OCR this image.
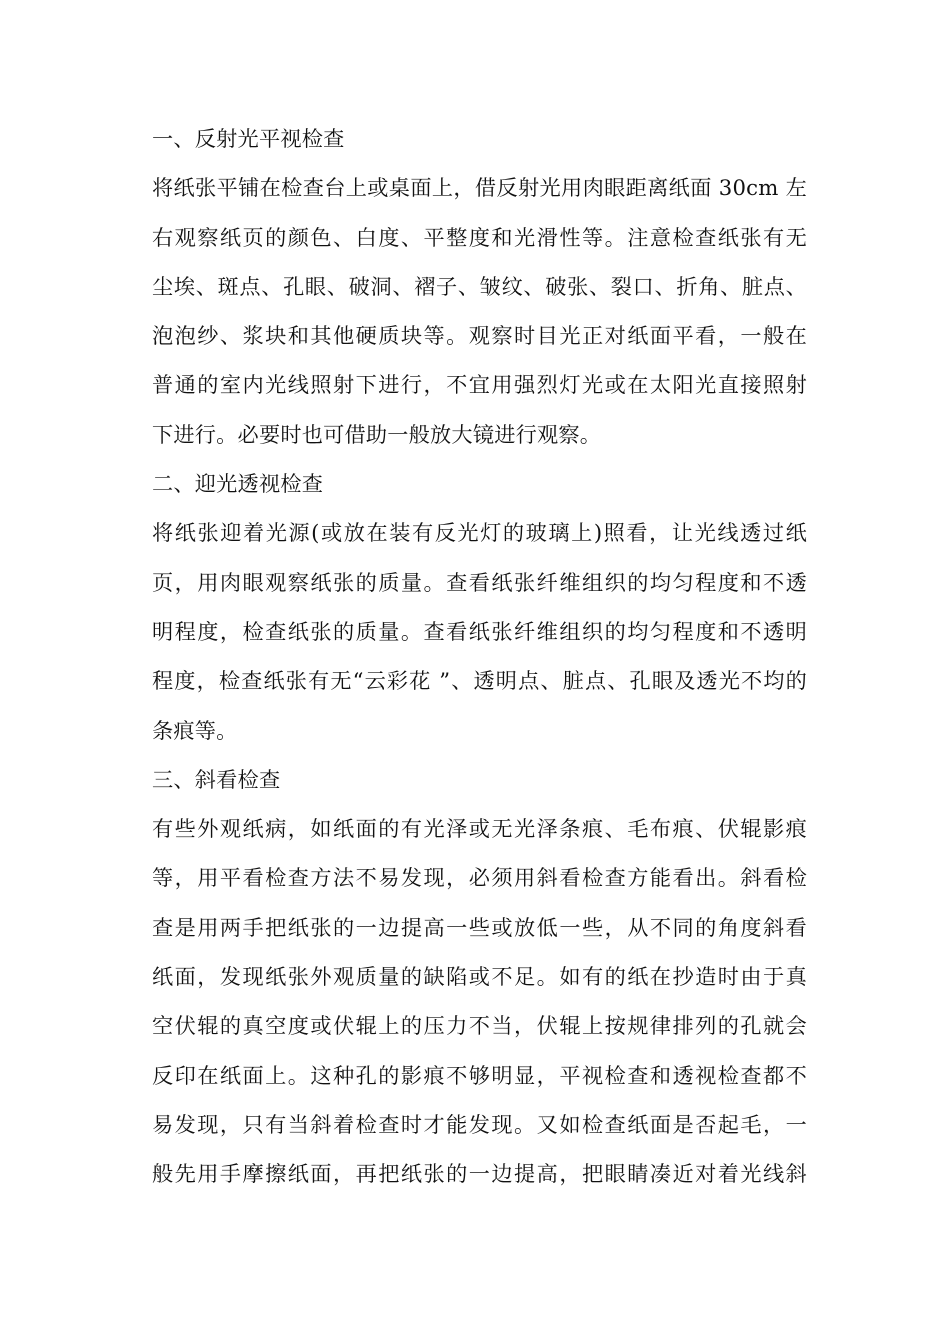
一、反射光平视检查
将纸张平铺在检查台上或桌面上，借反射光用肉眼距离纸面 30cm 左
右观察纸页的颜色、白度、平整度和光滑性等。注意检查纸张有无
尘埃、斑点、孔眼、破洞、褶子、皱纹、破张、裂口、折角、脏点、
泡泡纱、浆块和其他硬质块等。观察时目光正对纸面平看，一般在
普通的室内光线照射下进行，不宜用强烈灯光或在太阳光直接照射
下进行。必要时也可借助一般放大镜进行观察。
二、迎光透视检查
将纸张迎着光源(或放在装有反光灯的玻璃上)照看，让光线透过纸
页，用肉眼观察纸张的质量。查看纸张纤维组织的均匀程度和不透
明程度，检查纸张的质量。查看纸张纤维组织的均匀程度和不透明
程度，检查纸张有无“云彩花 ”、透明点、脏点、孔眼及透光不均的
条痕等。
三、斜看检查
有些外观纸病，如纸面的有光泽或无光泽条痕、毛布痕、伏辊影痕
等，用平看检查方法不易发现，必须用斜看检查方能看出。斜看检
查是用两手把纸张的一边提高一些或放低一些，从不同的角度斜看
纸面，发现纸张外观质量的缺陷或不足。如有的纸在抄造时由于真
空伏辊的真空度或伏辊上的压力不当，伏辊上按规律排列的孔就会
反印在纸面上。这种孔的影痕不够明显，平视检查和透视检查都不
易发现，只有当斜着检查时才能发现。又如检查纸面是否起毛，一
般先用手摩擦纸面，再把纸张的一边提高，把眼睛凑近对着光线斜
